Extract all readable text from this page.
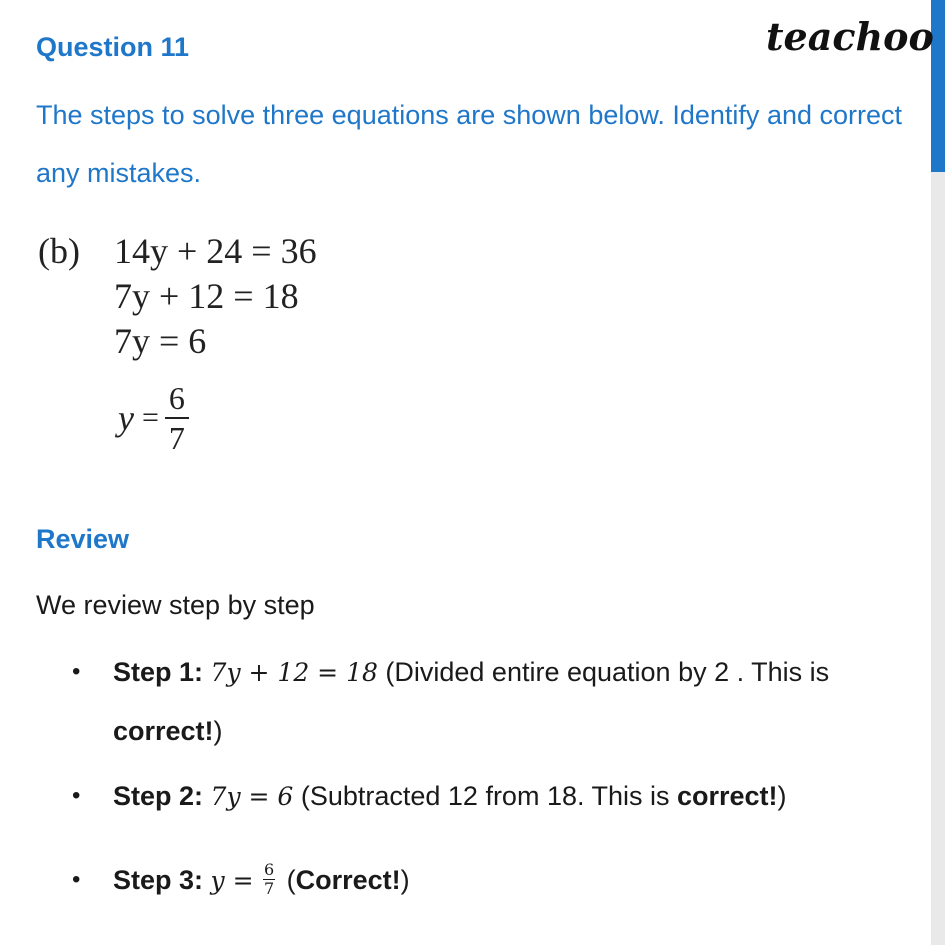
Question 11	teachoo
The steps to solve three equations are shown below. Identify and correct any mistakes.
(b) 14y + 24 = 36
7y + 12 = 18
7y = 6
$y = \frac{6}{7}$
Review
We review step by step
• Step 1: 7y + 12 = 18 (Divided entire equation by 2 . This is correct!)
• Step 2: 7y = 6 (Subtracted 12 from 18. This is correct!)
• Step 3: $y = \frac{6}{7}$ (Correct!)
